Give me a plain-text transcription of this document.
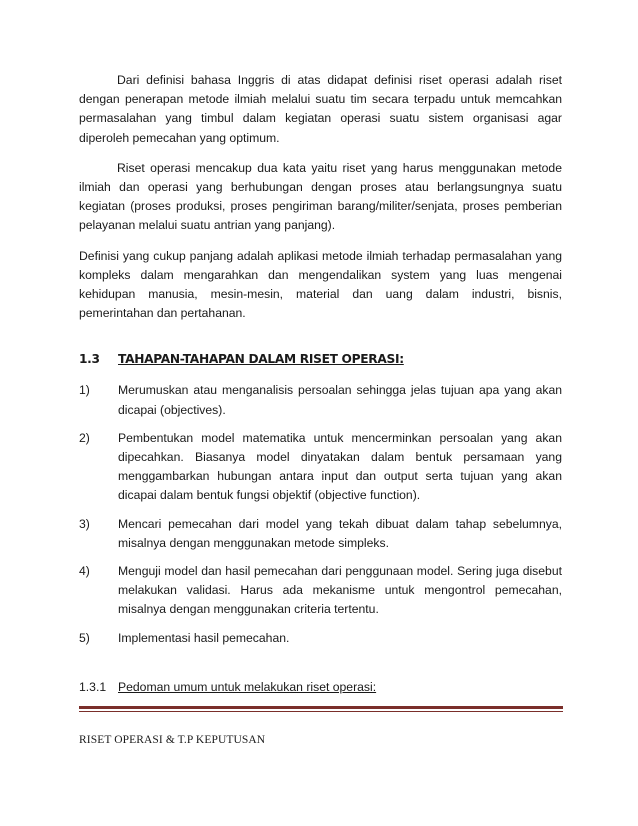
Dari definisi bahasa Inggris di atas didapat definisi riset operasi adalah riset dengan penerapan metode ilmiah melalui suatu tim secara terpadu untuk memcahkan permasalahan yang timbul dalam kegiatan operasi suatu sistem organisasi agar diperoleh pemecahan yang optimum.

Riset operasi mencakup dua kata yaitu riset yang harus menggunakan metode ilmiah dan operasi yang berhubungan dengan proses atau berlangsungnya suatu kegiatan (proses produksi, proses pengiriman barang/militer/senjata, proses pemberian pelayanan melalui suatu antrian yang panjang).

Definisi yang cukup panjang adalah aplikasi metode ilmiah terhadap permasalahan yang kompleks dalam mengarahkan dan mengendalikan system yang luas mengenai kehidupan manusia, mesin-mesin, material dan uang dalam industri, bisnis, pemerintahan dan pertahanan.

1.3	TAHAPAN-TAHAPAN DALAM RISET OPERASI:
1)	Merumuskan atau menganalisis persoalan sehingga jelas tujuan apa yang akan dicapai (objectives).
2)	Pembentukan model matematika untuk mencerminkan persoalan yang akan dipecahkan. Biasanya model dinyatakan dalam bentuk persamaan yang menggambarkan hubungan antara input dan output serta tujuan yang akan dicapai dalam bentuk fungsi objektif (objective function).
3)	Mencari pemecahan dari model yang tekah dibuat dalam tahap sebelumnya, misalnya dengan menggunakan metode simpleks.
4)	Menguji model dan hasil pemecahan dari penggunaan model. Sering juga disebut melakukan validasi. Harus ada mekanisme untuk mengontrol pemecahan, misalnya dengan menggunakan criteria tertentu.
5)	Implementasi hasil pemecahan.
1.3.1 Pedoman umum untuk melakukan riset operasi:
RISET OPERASI & T.P KEPUTUSAN
